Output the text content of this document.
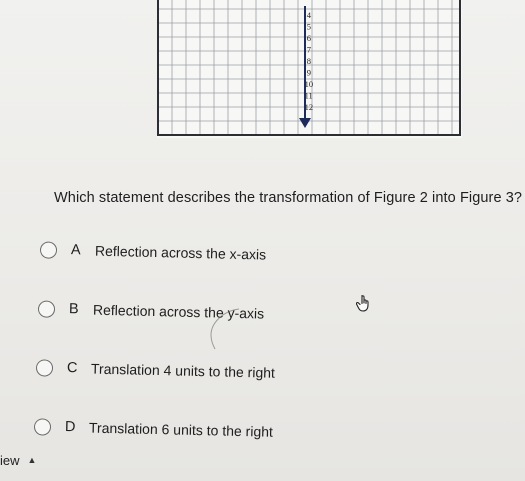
4
5
6
7
8
9
10
11
12
Which statement describes the transformation of Figure 2 into Figure 3?
A Reflection across the x-axis
B Reflection across the y-axis
C Translation 4 units to the right
D Translation 6 units to the right
iew ▲
